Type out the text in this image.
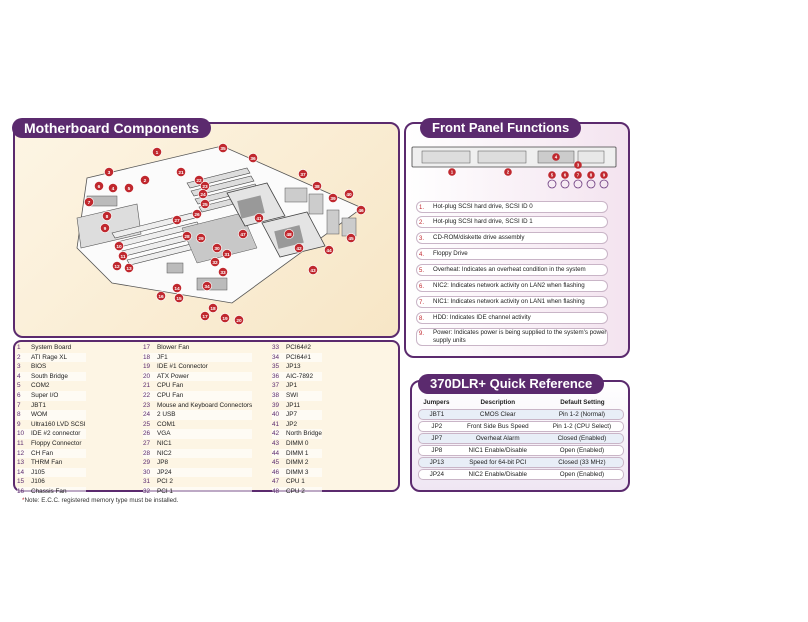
Motherboard Components
1
2
3
4	5
6
7
8
9
10
11
12 13
14
15
16
17
18
19 20
21
22
23
24
25
26
27
28 29
30
31
32
33
34
35
36
37
38
39
40
41
42
43
44
45
46
47	48
1 System Board
2 ATI Rage XL
3 BIOS
4 South Bridge
5 COM2
6 Super I/O
7 JBT1
8 WOM
9 Ultra160 LVD SCSI
10 IDE #2 connector
11 Floppy Connector
12 CH Fan
13 THRM Fan
14 J105
15 J106
16 Chassis Fan
17 Blower Fan
18 JF1
19 IDE #1 Connector
20 ATX Power
21 CPU Fan
22 CPU Fan
23 Mouse and Keyboard Connectors
24 2 USB
25 COM1
26 VGA
27 NIC1
28 NIC2
29 JP8
30 JP24
31 PCI 2
32 PCI 1
33 PCI64#2
34 PCI64#1
35 JP13
36 AIC-7892
37 JP1
38 SWI
39 JP11
40 JP7
41 JP2
42 North Bridge
43 DIMM 0
44 DIMM 1
45 DIMM 2
46 DIMM 3
47 CPU 1
48 CPU 2
*Note: E.C.C. registered memory type must be installed.
Front Panel Functions
1	2
3
4
5 6 7 8 9
1. Hot-plug SCSI hard drive, SCSI ID 0
2. Hot-plug SCSI hard drive, SCSI ID 1
3. CD-ROM/diskette drive assembly
4. Floppy Drive
5. Overheat: Indicates an overheat condition in the system
6. NIC2: Indicates network activity on LAN2 when flashing
7. NIC1: Indicates network activity on LAN1 when flashing
8. HDD: Indicates IDE channel activity
9. Power: Indicates power is being supplied to the system's power supply units
370DLR+ Quick Reference
Jumpers	Description	Default Setting
JBT1	CMOS Clear	Pin 1-2 (Normal)
JP2	Front Side Bus Speed	Pin 1-2 (CPU Select)
JP7	Overheat Alarm	Closed (Enabled)
JP8	NIC1 Enable/Disable	Open (Enabled)
JP13	Speed for 64-bit PCI	Closed (33 MHz)
JP24	NIC2 Enable/Disable	Open (Enabled)
